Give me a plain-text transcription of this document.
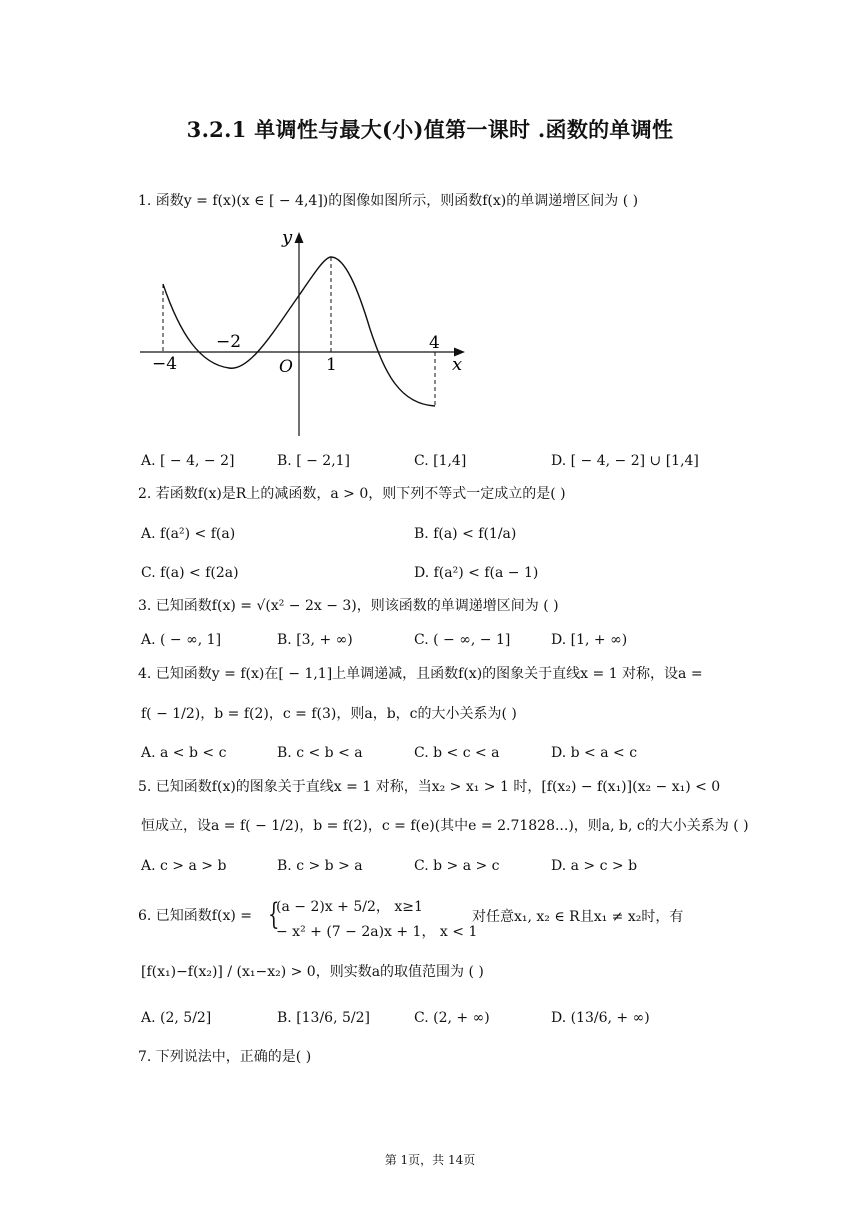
3.2.1 单调性与最大(小)值第一课时 .函数的单调性
1. 函数y = f(x)(x ∈ [ − 4,4])的图像如图所示，则函数f(x)的单调递增区间为 ( )
y
x
O
−4
−2
1
4
A. [ − 4, − 2]	B. [ − 2,1]	C. [1,4]	D. [ − 4, − 2] ∪ [1,4]
2. 若函数f(x)是R上的减函数，a > 0，则下列不等式一定成立的是( )
A. f(a²) < f(a)	B. f(a) < f(1/a)
C. f(a) < f(2a)	D. f(a²) < f(a − 1)
3. 已知函数f(x) = √(x² − 2x − 3)，则该函数的单调递增区间为 ( )
A. ( − ∞, 1]	B. [3, + ∞)	C. ( − ∞, − 1]	D. [1, + ∞)
4. 已知函数y = f(x)在[ − 1,1]上单调递减，且函数f(x)的图象关于直线x = 1 对称，设a =
f( − 1/2)，b = f(2)，c = f(3)，则a，b，c的大小关系为( )
A. a < b < c	B. c < b < a	C. b < c < a	D. b < a < c
5. 已知函数f(x)的图象关于直线x = 1 对称，当x₂ > x₁ > 1 时，[f(x₂) − f(x₁)](x₂ − x₁) < 0
恒成立，设a = f( − 1/2)，b = f(2)，c = f(e)(其中e = 2.71828...)，则a, b, c的大小关系为 ( )
A. c > a > b	B. c > b > a	C. b > a > c	D. a > c > b
6. 已知函数f(x) = {
(a − 2)x + 5/2， x≥1
− x² + (7 − 2a)x + 1， x < 1
对任意x₁, x₂ ∈ R且x₁ ≠ x₂时，有
[f(x₁)−f(x₂)] / (x₁−x₂) > 0，则实数a的取值范围为 ( )
A. (2, 5/2]	B. [13/6, 5/2]	C. (2, + ∞)	D. (13/6, + ∞)
7. 下列说法中，正确的是( )
第 1页，共 14页
